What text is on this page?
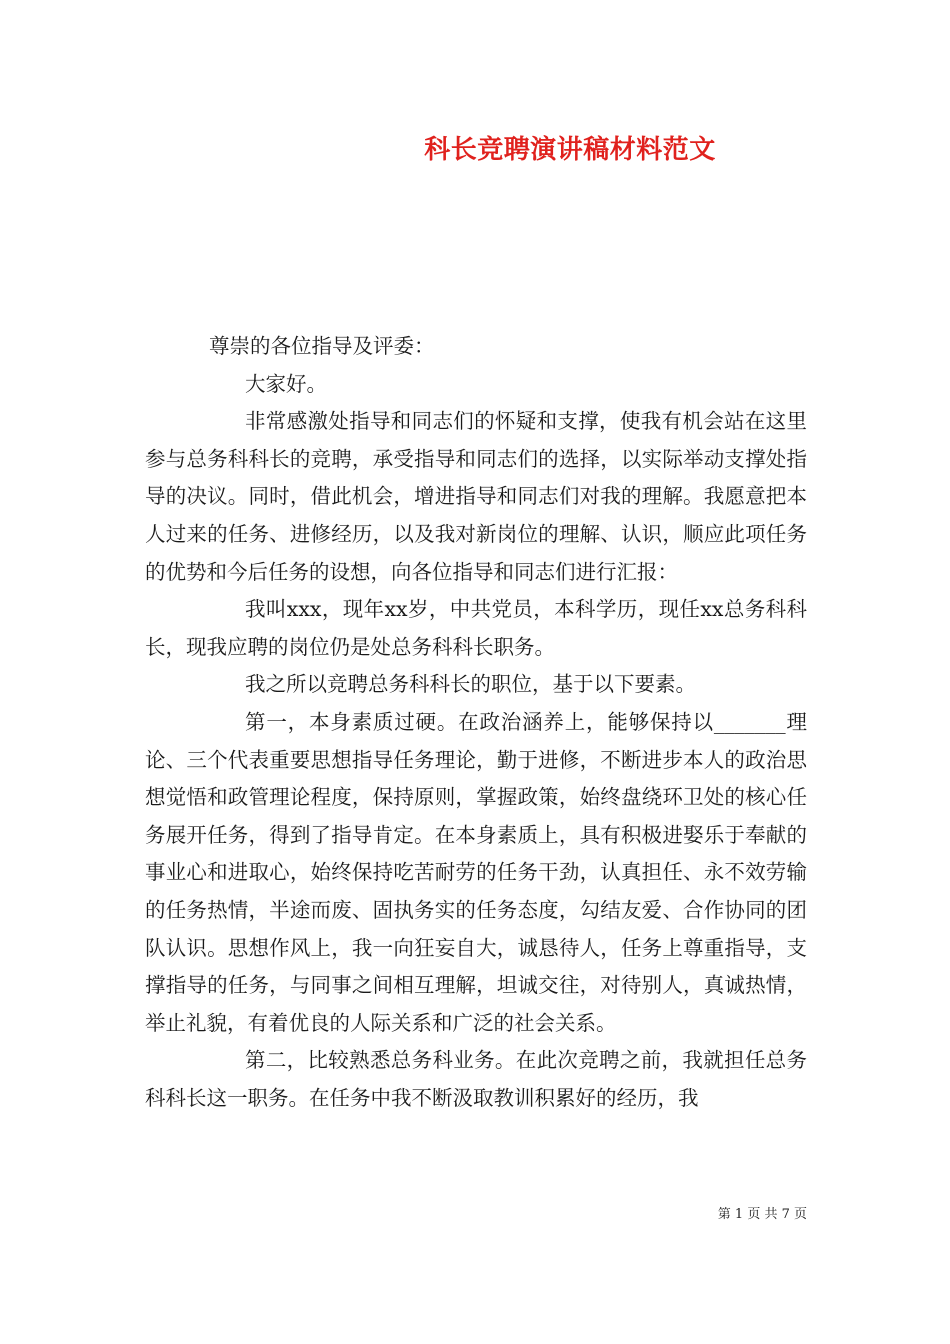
科长竞聘演讲稿材料范文

尊崇的各位指导及评委：

大家好。

非常感激处指导和同志们的怀疑和支撑，使我有机会站在这里参与总务科科长的竞聘，承受指导和同志们的选择，以实际举动支撑处指导的决议。同时，借此机会，增进指导和同志们对我的理解。我愿意把本人过来的任务、进修经历，以及我对新岗位的理解、认识，顺应此项任务的优势和今后任务的设想，向各位指导和同志们进行汇报：

我叫xxx，现年xx岁，中共党员，本科学历，现任xx总务科科长，现我应聘的岗位仍是处总务科科长职务。

我之所以竞聘总务科科长的职位，基于以下要素。

第一，本身素质过硬。在政治涵养上，能够保持以_______理论、三个代表重要思想指导任务理论，勤于进修，不断进步本人的政治思想觉悟和政管理论程度，保持原则，掌握政策，始终盘绕环卫处的核心任务展开任务，得到了指导肯定。在本身素质上，具有积极进娶乐于奉献的事业心和进取心，始终保持吃苦耐劳的任务干劲，认真担任、永不效劳输的任务热情，半途而废、固执务实的任务态度，勾结友爱、合作协同的团队认识。思想作风上，我一向狂妄自大，诚恳待人，任务上尊重指导，支撑指导的任务，与同事之间相互理解，坦诚交往，对待别人，真诚热情，举止礼貌，有着优良的人际关系和广泛的社会关系。

第二，比较熟悉总务科业务。在此次竞聘之前，我就担任总务科科长这一职务。在任务中我不断汲取教训积累好的经历，我

第 1 页 共 7 页
